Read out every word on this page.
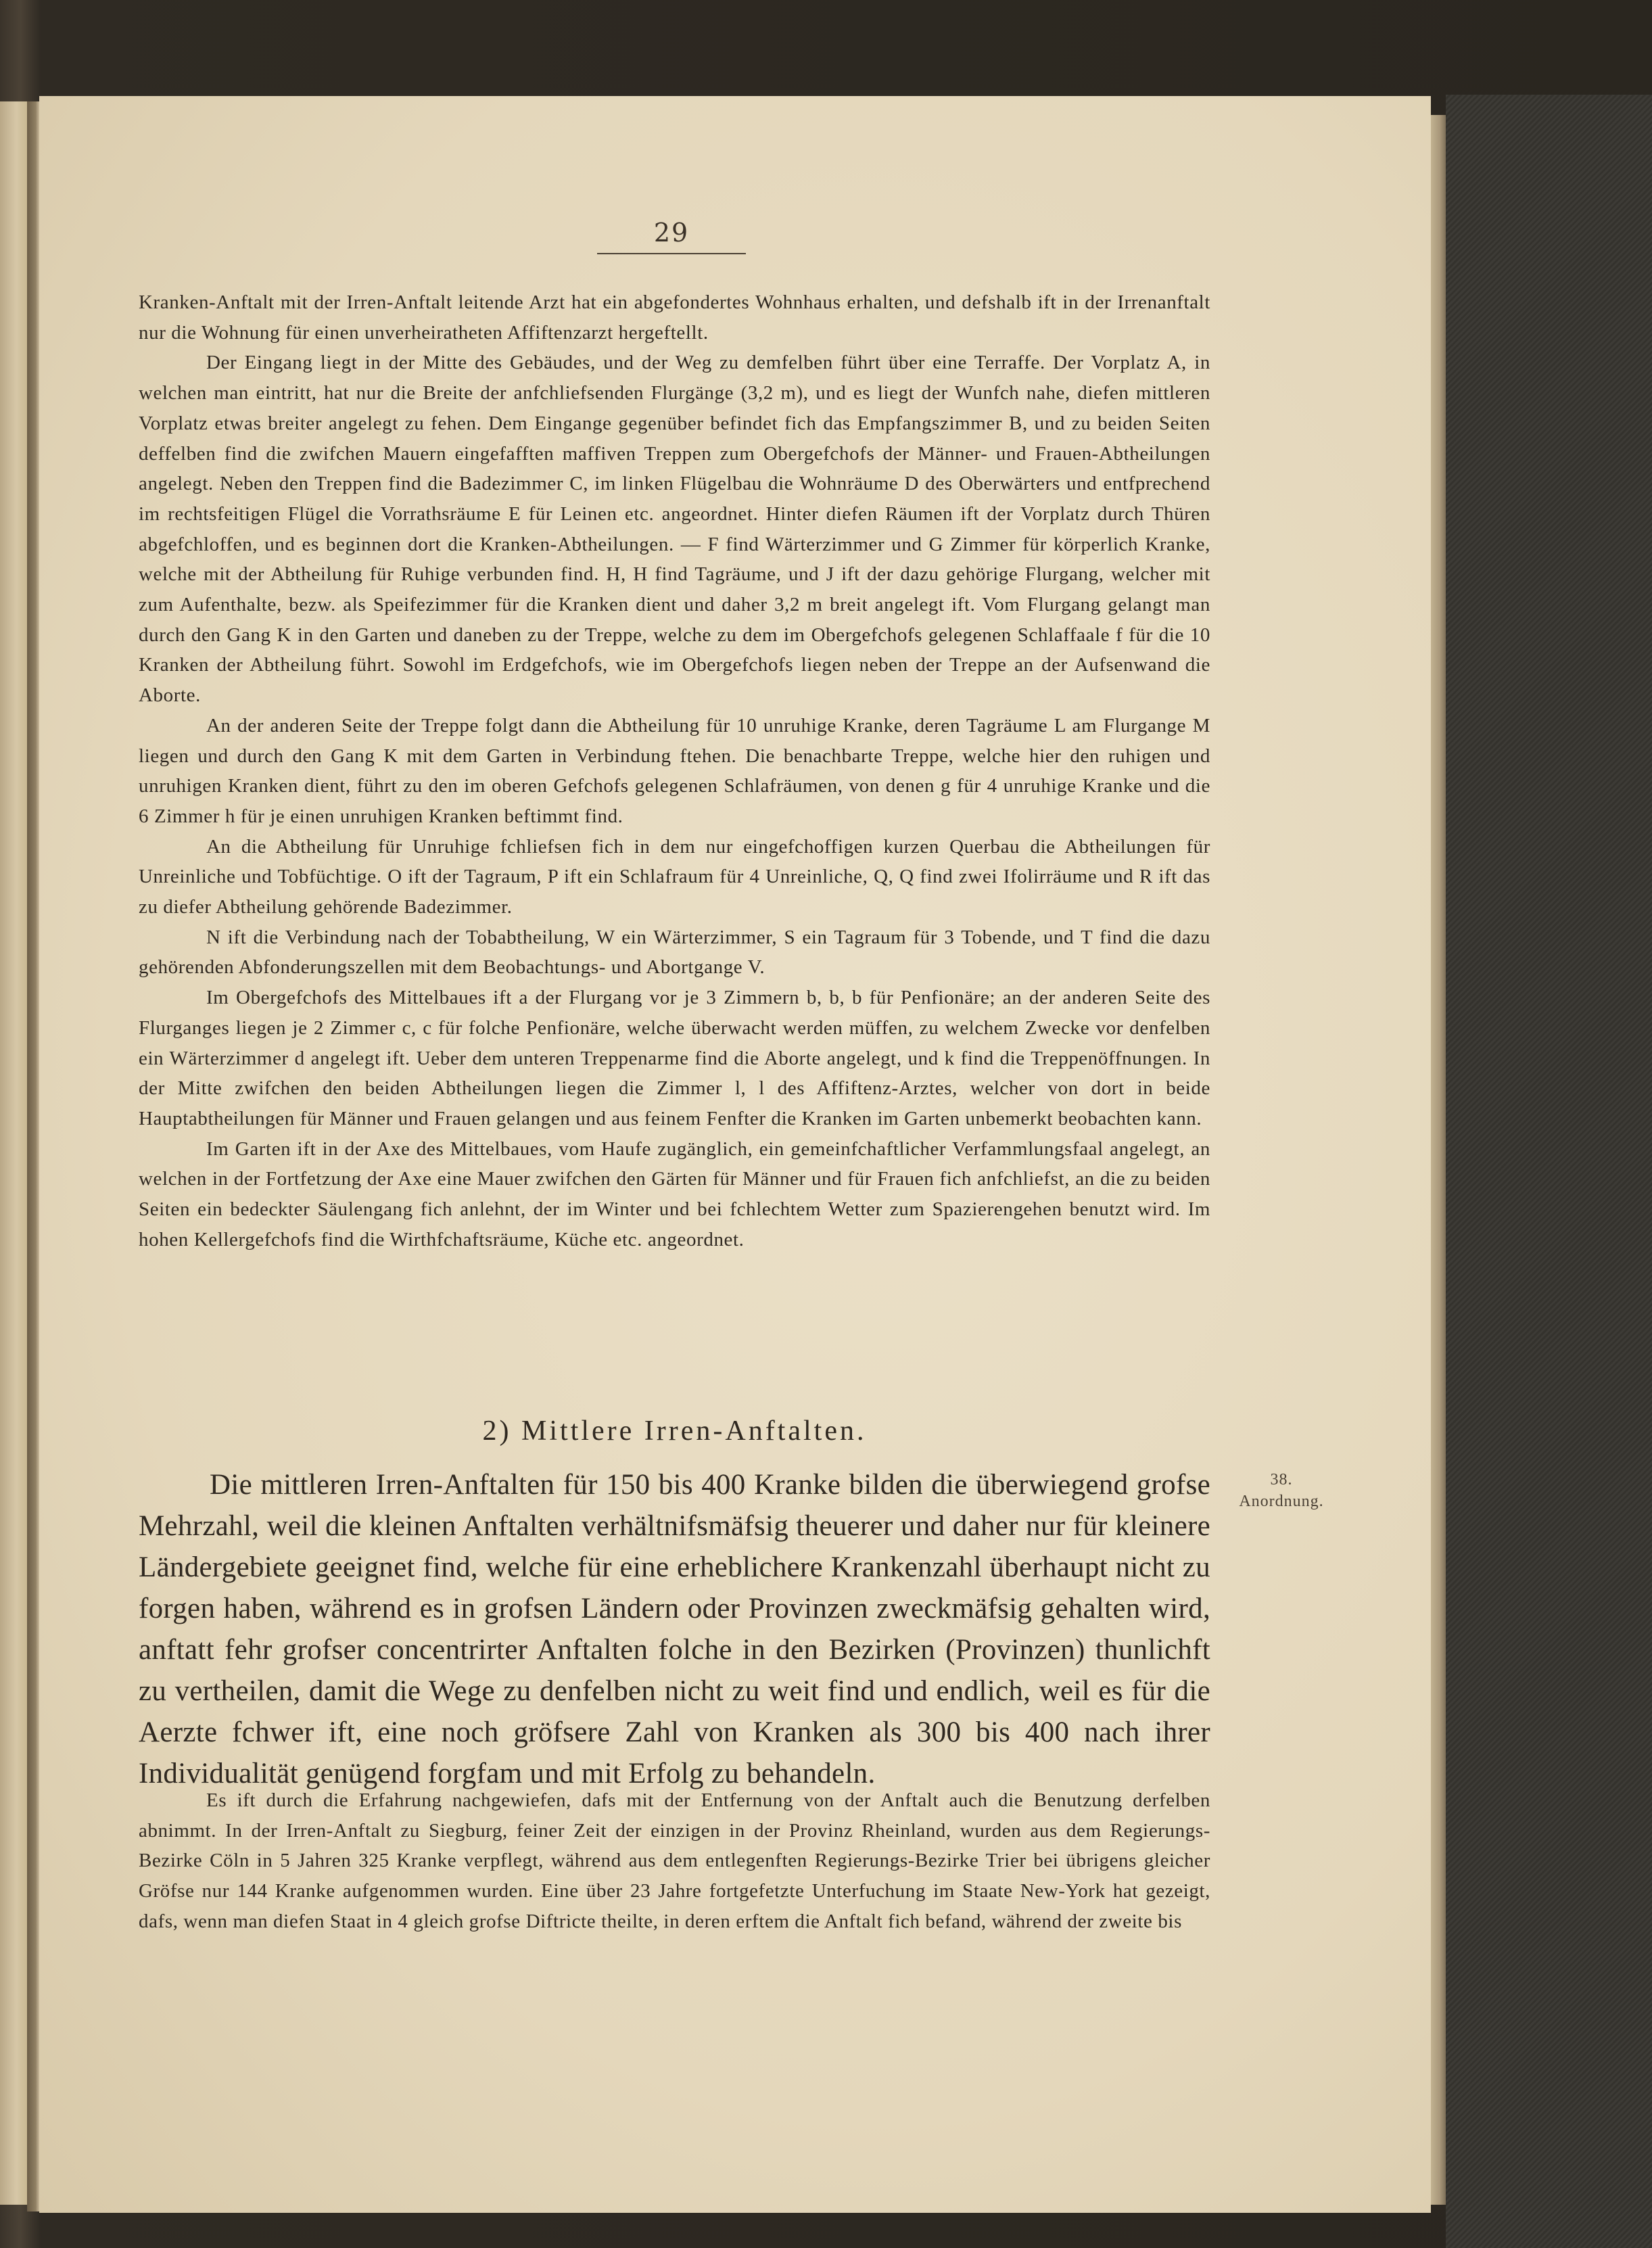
29

Kranken-Anftalt mit der Irren-Anftalt leitende Arzt hat ein abgefondertes Wohnhaus erhalten, und defshalb ift in der Irrenanftalt nur die Wohnung für einen unverheiratheten Affiftenzarzt hergeftellt.

Der Eingang liegt in der Mitte des Gebäudes, und der Weg zu demfelben führt über eine Terraffe. Der Vorplatz A, in welchen man eintritt, hat nur die Breite der anfchliefsenden Flurgänge (3,2 m), und es liegt der Wunfch nahe, diefen mittleren Vorplatz etwas breiter angelegt zu fehen. Dem Eingange gegenüber befindet fich das Empfangszimmer B, und zu beiden Seiten deffelben find die zwifchen Mauern eingefafften maffiven Treppen zum Obergefchofs der Männer- und Frauen-Abtheilungen angelegt. Neben den Treppen find die Badezimmer C, im linken Flügelbau die Wohnräume D des Oberwärters und entfprechend im rechtsfeitigen Flügel die Vorrathsräume E für Leinen etc. angeordnet. Hinter diefen Räumen ift der Vorplatz durch Thüren abgefchloffen, und es beginnen dort die Kranken-Abtheilungen. — F find Wärterzimmer und G Zimmer für körperlich Kranke, welche mit der Abtheilung für Ruhige verbunden find. H, H find Tagräume, und J ift der dazu gehörige Flurgang, welcher mit zum Aufenthalte, bezw. als Speifezimmer für die Kranken dient und daher 3,2 m breit angelegt ift. Vom Flurgang gelangt man durch den Gang K in den Garten und daneben zu der Treppe, welche zu dem im Obergefchofs gelegenen Schlaffaale f für die 10 Kranken der Abtheilung führt. Sowohl im Erdgefchofs, wie im Obergefchofs liegen neben der Treppe an der Aufsenwand die Aborte.

An der anderen Seite der Treppe folgt dann die Abtheilung für 10 unruhige Kranke, deren Tagräume L am Flurgange M liegen und durch den Gang K mit dem Garten in Verbindung ftehen. Die benachbarte Treppe, welche hier den ruhigen und unruhigen Kranken dient, führt zu den im oberen Gefchofs gelegenen Schlafräumen, von denen g für 4 unruhige Kranke und die 6 Zimmer h für je einen unruhigen Kranken beftimmt find.

An die Abtheilung für Unruhige fchliefsen fich in dem nur eingefchoffigen kurzen Querbau die Abtheilungen für Unreinliche und Tobfüchtige. O ift der Tagraum, P ift ein Schlafraum für 4 Unreinliche, Q, Q find zwei Ifolirräume und R ift das zu diefer Abtheilung gehörende Badezimmer.

N ift die Verbindung nach der Tobabtheilung, W ein Wärterzimmer, S ein Tagraum für 3 Tobende, und T find die dazu gehörenden Abfonderungszellen mit dem Beobachtungs- und Abortgange V.

Im Obergefchofs des Mittelbaues ift a der Flurgang vor je 3 Zimmern b, b, b für Penfionäre; an der anderen Seite des Flurganges liegen je 2 Zimmer c, c für folche Penfionäre, welche überwacht werden müffen, zu welchem Zwecke vor denfelben ein Wärterzimmer d angelegt ift. Ueber dem unteren Treppenarme find die Aborte angelegt, und k find die Treppenöffnungen. In der Mitte zwifchen den beiden Abtheilungen liegen die Zimmer l, l des Affiftenz-Arztes, welcher von dort in beide Hauptabtheilungen für Männer und Frauen gelangen und aus feinem Fenfter die Kranken im Garten unbemerkt beobachten kann.

Im Garten ift in der Axe des Mittelbaues, vom Haufe zugänglich, ein gemeinfchaftlicher Verfammlungsfaal angelegt, an welchen in der Fortfetzung der Axe eine Mauer zwifchen den Gärten für Männer und für Frauen fich anfchliefst, an die zu beiden Seiten ein bedeckter Säulengang fich anlehnt, der im Winter und bei fchlechtem Wetter zum Spazierengehen benutzt wird. Im hohen Kellergefchofs find die Wirthfchaftsräume, Küche etc. angeordnet.

2) Mittlere Irren-Anftalten.

Die mittleren Irren-Anftalten für 150 bis 400 Kranke bilden die überwiegend grofse Mehrzahl, weil die kleinen Anftalten verhältnifsmäfsig theuerer und daher nur für kleinere Ländergebiete geeignet find, welche für eine erheblichere Krankenzahl überhaupt nicht zu forgen haben, während es in grofsen Ländern oder Provinzen zweckmäfsig gehalten wird, anftatt fehr grofser concentrirter Anftalten folche in den Bezirken (Provinzen) thunlichft zu vertheilen, damit die Wege zu denfelben nicht zu weit find und endlich, weil es für die Aerzte fchwer ift, eine noch gröfsere Zahl von Kranken als 300 bis 400 nach ihrer Individualität genügend forgfam und mit Erfolg zu behandeln.

Es ift durch die Erfahrung nachgewiefen, dafs mit der Entfernung von der Anftalt auch die Benutzung derfelben abnimmt. In der Irren-Anftalt zu Siegburg, feiner Zeit der einzigen in der Provinz Rheinland, wurden aus dem Regierungs-Bezirke Cöln in 5 Jahren 325 Kranke verpflegt, während aus dem entlegenften Regierungs-Bezirke Trier bei übrigens gleicher Gröfse nur 144 Kranke aufgenommen wurden. Eine über 23 Jahre fortgefetzte Unterfuchung im Staate New-York hat gezeigt, dafs, wenn man diefen Staat in 4 gleich grofse Diftricte theilte, in deren erftem die Anftalt fich befand, während der zweite bis

38.
Anordnung.
